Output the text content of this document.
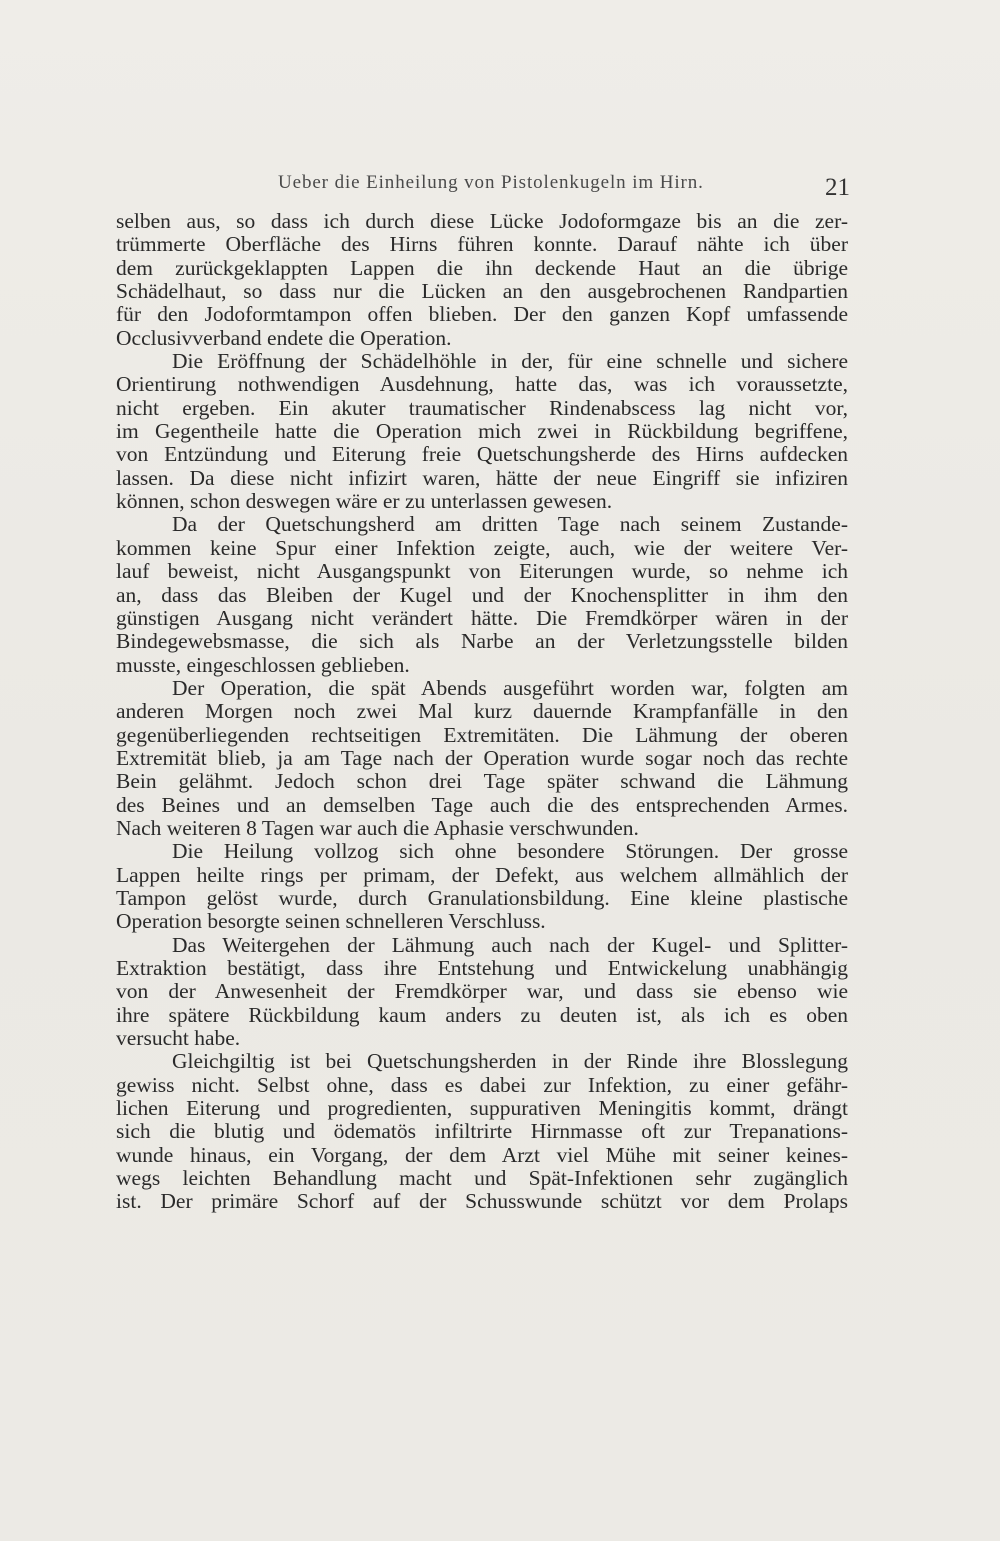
Ueber die Einheilung von Pistolenkugeln im Hirn.	21
selben aus, so dass ich durch diese Lücke Jodoformgaze bis an die zer-
trümmerte Oberfläche des Hirns führen konnte. Darauf nähte ich über
dem zurückgeklappten Lappen die ihn deckende Haut an die übrige
Schädelhaut, so dass nur die Lücken an den ausgebrochenen Randpartien
für den Jodoformtampon offen blieben. Der den ganzen Kopf umfassende
Occlusivverband endete die Operation.
Die Eröffnung der Schädelhöhle in der, für eine schnelle und sichere
Orientirung nothwendigen Ausdehnung, hatte das, was ich voraussetzte,
nicht ergeben. Ein akuter traumatischer Rindenabscess lag nicht vor,
im Gegentheile hatte die Operation mich zwei in Rückbildung begriffene,
von Entzündung und Eiterung freie Quetschungsherde des Hirns aufdecken
lassen. Da diese nicht infizirt waren, hätte der neue Eingriff sie infiziren
können, schon deswegen wäre er zu unterlassen gewesen.
Da der Quetschungsherd am dritten Tage nach seinem Zustande-
kommen keine Spur einer Infektion zeigte, auch, wie der weitere Ver-
lauf beweist, nicht Ausgangspunkt von Eiterungen wurde, so nehme ich
an, dass das Bleiben der Kugel und der Knochensplitter in ihm den
günstigen Ausgang nicht verändert hätte. Die Fremdkörper wären in der
Bindegewebsmasse, die sich als Narbe an der Verletzungsstelle bilden
musste, eingeschlossen geblieben.
Der Operation, die spät Abends ausgeführt worden war, folgten am
anderen Morgen noch zwei Mal kurz dauernde Krampfanfälle in den
gegenüberliegenden rechtseitigen Extremitäten. Die Lähmung der oberen
Extremität blieb, ja am Tage nach der Operation wurde sogar noch das rechte
Bein gelähmt. Jedoch schon drei Tage später schwand die Lähmung
des Beines und an demselben Tage auch die des entsprechenden Armes.
Nach weiteren 8 Tagen war auch die Aphasie verschwunden.
Die Heilung vollzog sich ohne besondere Störungen. Der grosse
Lappen heilte rings per primam, der Defekt, aus welchem allmählich der
Tampon gelöst wurde, durch Granulationsbildung. Eine kleine plastische
Operation besorgte seinen schnelleren Verschluss.
Das Weitergehen der Lähmung auch nach der Kugel- und Splitter-
Extraktion bestätigt, dass ihre Entstehung und Entwickelung unabhängig
von der Anwesenheit der Fremdkörper war, und dass sie ebenso wie
ihre spätere Rückbildung kaum anders zu deuten ist, als ich es oben
versucht habe.
Gleichgiltig ist bei Quetschungsherden in der Rinde ihre Blosslegung
gewiss nicht. Selbst ohne, dass es dabei zur Infektion, zu einer gefähr-
lichen Eiterung und progredienten, suppurativen Meningitis kommt, drängt
sich die blutig und ödematös infiltrirte Hirnmasse oft zur Trepanations-
wunde hinaus, ein Vorgang, der dem Arzt viel Mühe mit seiner keines-
wegs leichten Behandlung macht und Spät-Infektionen sehr zugänglich
ist. Der primäre Schorf auf der Schusswunde schützt vor dem Prolaps
